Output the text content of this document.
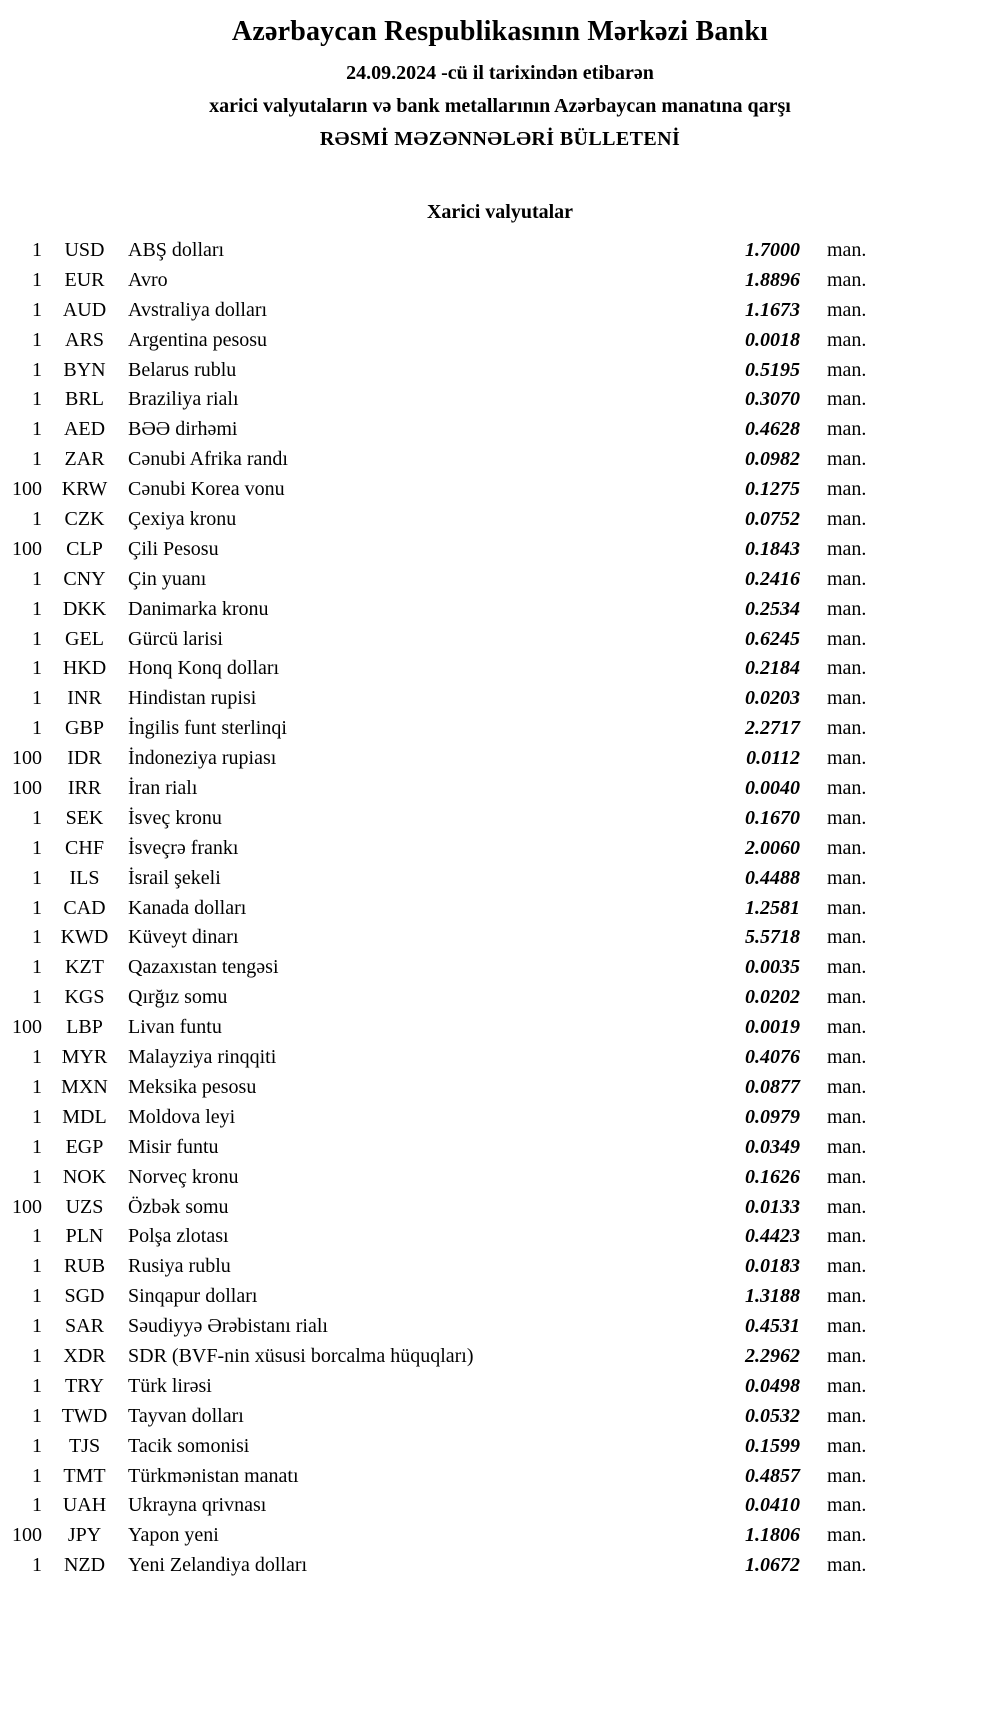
Azərbaycan Respublikasının Mərkəzi Bankı
24.09.2024 -cü il tarixindən etibarən
xarici valyutaların və bank metallarının Azərbaycan manatına qarşı
RƏSMİ MƏZƏNNƏLƏRİ BÜLLETENİ
Xarici valyutalar
1	USD	ABŞ dolları	1.7000	man.
1	EUR	Avro	1.8896	man.
1	AUD	Avstraliya dolları	1.1673	man.
1	ARS	Argentina pesosu	0.0018	man.
1	BYN	Belarus rublu	0.5195	man.
1	BRL	Braziliya rialı	0.3070	man.
1	AED	BƏƏ dirhəmi	0.4628	man.
1	ZAR	Cənubi Afrika randı	0.0982	man.
100 KRW	Cənubi Korea vonu	0.1275	man.
1	CZK	Çexiya kronu	0.0752	man.
100	CLP	Çili Pesosu	0.1843	man.
1	CNY	Çin yuanı	0.2416	man.
1	DKK	Danimarka kronu	0.2534	man.
1	GEL	Gürcü larisi	0.6245	man.
1	HKD	Honq Konq dolları	0.2184	man.
1	INR	Hindistan rupisi	0.0203	man.
1	GBP	İngilis funt sterlinqi	2.2717	man.
100	IDR	İndoneziya rupiası	0.0112	man.
100	IRR	İran rialı	0.0040	man.
1	SEK	İsveç kronu	0.1670	man.
1	CHF	İsveçrə frankı	2.0060	man.
1	ILS	İsrail şekeli	0.4488	man.
1	CAD	Kanada dolları	1.2581	man.
1 KWD Küveyt dinarı	5.5718	man.
1	KZT	Qazaxıstan tengəsi	0.0035	man.
1	KGS	Qırğız somu	0.0202	man.
100	LBP	Livan funtu	0.0019	man.
1 MYR	Malayziya rinqqiti	0.4076	man.
1 MXN	Meksika pesosu	0.0877	man.
1	MDL	Moldova leyi	0.0979	man.
1	EGP	Misir funtu	0.0349	man.
1	NOK	Norveç kronu	0.1626	man.
100	UZS	Özbək somu	0.0133	man.
1	PLN	Polşa zlotası	0.4423	man.
1	RUB	Rusiya rublu	0.0183	man.
1	SGD	Sinqapur dolları	1.3188	man.
1	SAR	Səudiyyə Ərəbistanı rialı	0.4531	man.
1	XDR	SDR (BVF-nin xüsusi borcalma hüquqları)	2.2962	man.
1	TRY	Türk lirəsi	0.0498	man.
1 TWD	Tayvan dolları	0.0532	man.
1	TJS	Tacik somonisi	0.1599	man.
1	TMT	Türkmənistan manatı	0.4857	man.
1	UAH	Ukrayna qrivnası	0.0410	man.
100	JPY	Yapon yeni	1.1806	man.
1	NZD	Yeni Zelandiya dolları	1.0672	man.
